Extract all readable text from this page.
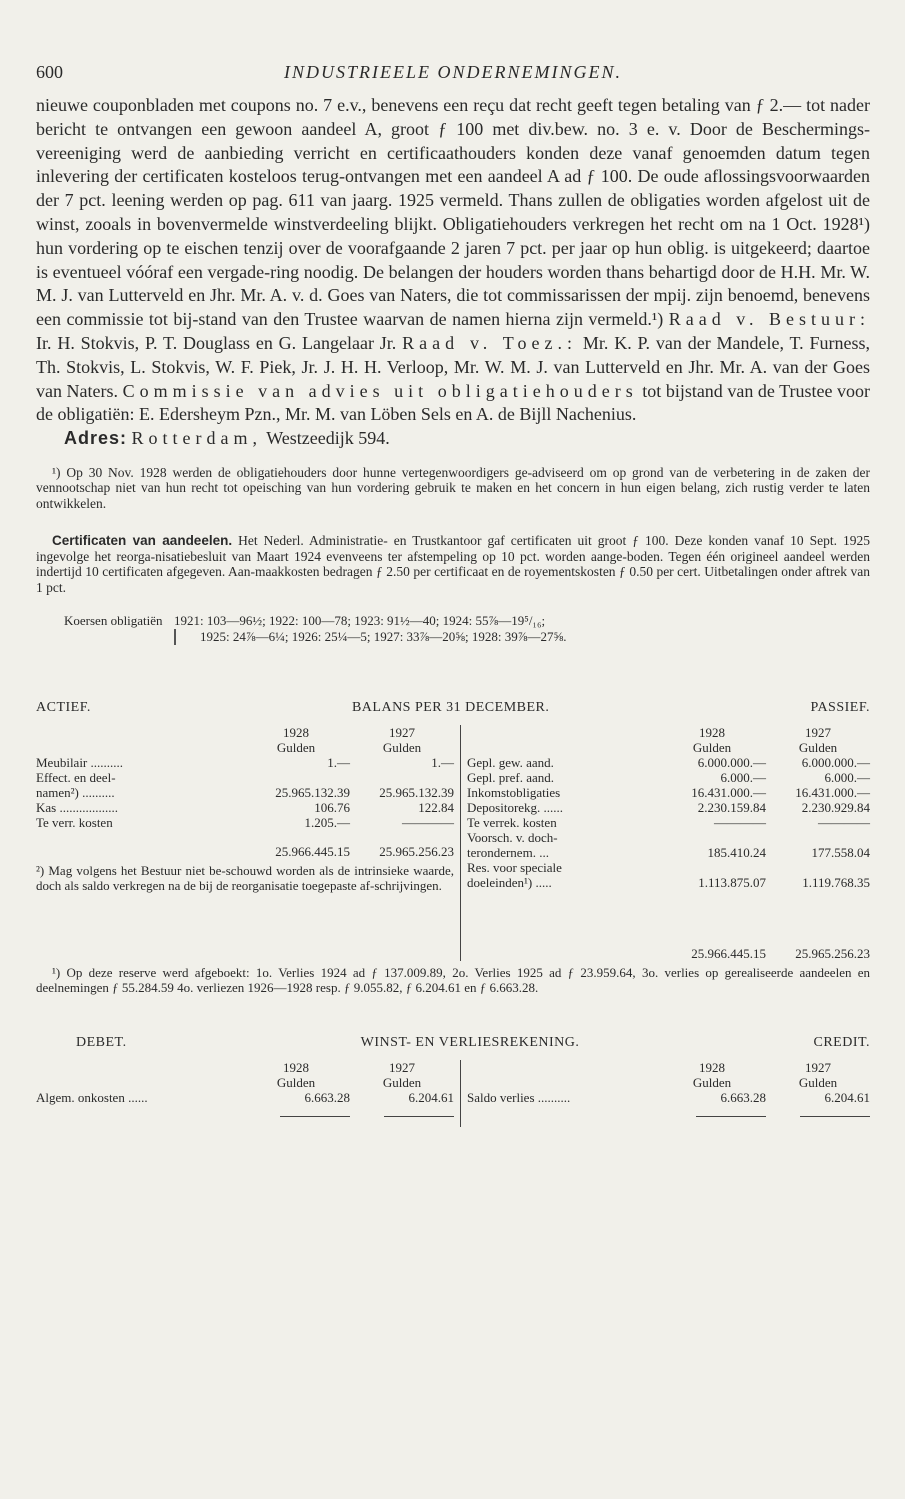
600	INDUSTRIEELE ONDERNEMINGEN.

nieuwe couponbladen met coupons no. 7 e.v., benevens een reçu dat recht geeft tegen betaling van ƒ 2.— tot nader bericht te ontvangen een gewoon aandeel A, groot ƒ 100 met div.bew. no. 3 e. v. Door de Beschermings-vereeniging werd de aanbieding verricht en certificaathouders konden deze vanaf genoemden datum tegen inlevering der certificaten kosteloos terug-ontvangen met een aandeel A ad ƒ 100. De oude aflossingsvoorwaarden der 7 pct. leening werden op pag. 611 van jaarg. 1925 vermeld. Thans zullen de obligaties worden afgelost uit de winst, zooals in bovenvermelde winstverdeeling blijkt. Obligatiehouders verkregen het recht om na 1 Oct. 1928¹) hun vordering op te eischen tenzij over de voorafgaande 2 jaren 7 pct. per jaar op hun oblig. is uitgekeerd; daartoe is eventueel vóóraf een vergade-ring noodig. De belangen der houders worden thans behartigd door de H.H. Mr. W. M. J. van Lutterveld en Jhr. Mr. A. v. d. Goes van Naters, die tot commissarissen der mpij. zijn benoemd, benevens een commissie tot bij-stand van den Trustee waarvan de namen hierna zijn vermeld.¹) Raad v. Bestuur: Ir. H. Stokvis, P. T. Douglass en G. Langelaar Jr. Raad v. Toez.: Mr. K. P. van der Mandele, T. Furness, Th. Stokvis, L. Stokvis, W. F. Piek, Jr. J. H. H. Verloop, Mr. W. M. J. van Lutterveld en Jhr. Mr. A. van der Goes van Naters. Commissie van advies uit obligatiehouders tot bijstand van de Trustee voor de obligatiën: E. Edersheym Pzn., Mr. M. van Löben Sels en A. de Bijll Nachenius.

Adres: Rotterdam, Westzeedijk 594.

¹) Op 30 Nov. 1928 werden de obligatiehouders door hunne vertegenwoordigers ge-adviseerd om op grond van de verbetering in de zaken der vennootschap niet van hun recht tot opeisching van hun vordering gebruik te maken en het concern in hun eigen belang, zich rustig verder te laten ontwikkelen.

Certificaten van aandeelen. Het Nederl. Administratie- en Trustkantoor gaf certificaten uit groot ƒ 100. Deze konden vanaf 10 Sept. 1925 ingevolge het reorga-nisatiebesluit van Maart 1924 evenveens ter afstempeling op 10 pct. worden aange-boden. Tegen één origineel aandeel werden indertijd 10 certificaten afgegeven. Aan-maakkosten bedragen ƒ 2.50 per certificaat en de royementskosten ƒ 0.50 per cert. Uitbetalingen onder aftrek van 1 pct.
Koersen obligatiën 1921: 103—96½; 1922: 100—78; 1923: 91½—40; 1924: 55⅞—19⁵/₁₆;
1925: 24⅞—6¼; 1926: 25¼—5; 1927: 33⅞—20⅝; 1928: 39⅞—27⅝.
ACTIEF.	BALANS PER 31 DECEMBER.	PASSIEF.
1928	1927
Gulden	Gulden
Meubilair ..........	1.—	1.—
Effect. en deel-
namen²) ..........	25.965.132.39	25.965.132.39
Kas ..................	106.76	122.84
Te verr. kosten	1.205.—	————
25.966.445.15	25.965.256.23
²) Mag volgens het Bestuur niet be-schouwd worden als de intrinsieke waarde, doch als saldo verkregen na de bij de reorganisatie toegepaste af-schrijvingen.
1928	1927
Gulden	Gulden
Gepl. gew. aand.	6.000.000.—	6.000.000.—
Gepl. pref. aand.	6.000.—	6.000.—
Inkomstobligaties	16.431.000.—	16.431.000.—
Depositorekg. ......	2.230.159.84	2.230.929.84
Te verrek. kosten	————	————
Voorsch. v. doch-
terondernem. ...	185.410.24	177.558.04
Res. voor speciale
doeleinden¹) .....	1.113.875.07	1.119.768.35
25.966.445.15	25.965.256.23
¹) Op deze reserve werd afgeboekt: 1o. Verlies 1924 ad ƒ 137.009.89, 2o. Verlies 1925 ad ƒ 23.959.64, 3o. verlies op gerealiseerde aandeelen en deelnemingen ƒ 55.284.59 4o. verliezen 1926—1928 resp. ƒ 9.055.82, ƒ 6.204.61 en ƒ 6.663.28.
DEBET.	WINST- EN VERLIESREKENING.	CREDIT.
1928	1927
Gulden	Gulden
Algem. onkosten ......	6.663.28	6.204.61
1928	1927
Gulden	Gulden
Saldo verlies ..........	6.663.28	6.204.61
